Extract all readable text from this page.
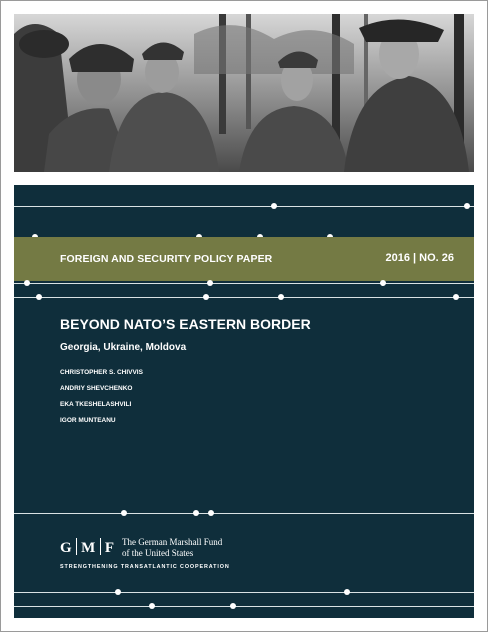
FOREIGN AND SECURITY POLICY PAPER	2016 | NO. 26
BEYOND NATO’S EASTERN BORDER
Georgia, Ukraine, Moldova
CHRISTOPHER S. CHIVVIS
ANDRIY SHEVCHENKO
EKA TKESHELASHVILI
IGOR MUNTEANU
G M F The German Marshall Fund
of the United States
STRENGTHENING TRANSATLANTIC COOPERATION
